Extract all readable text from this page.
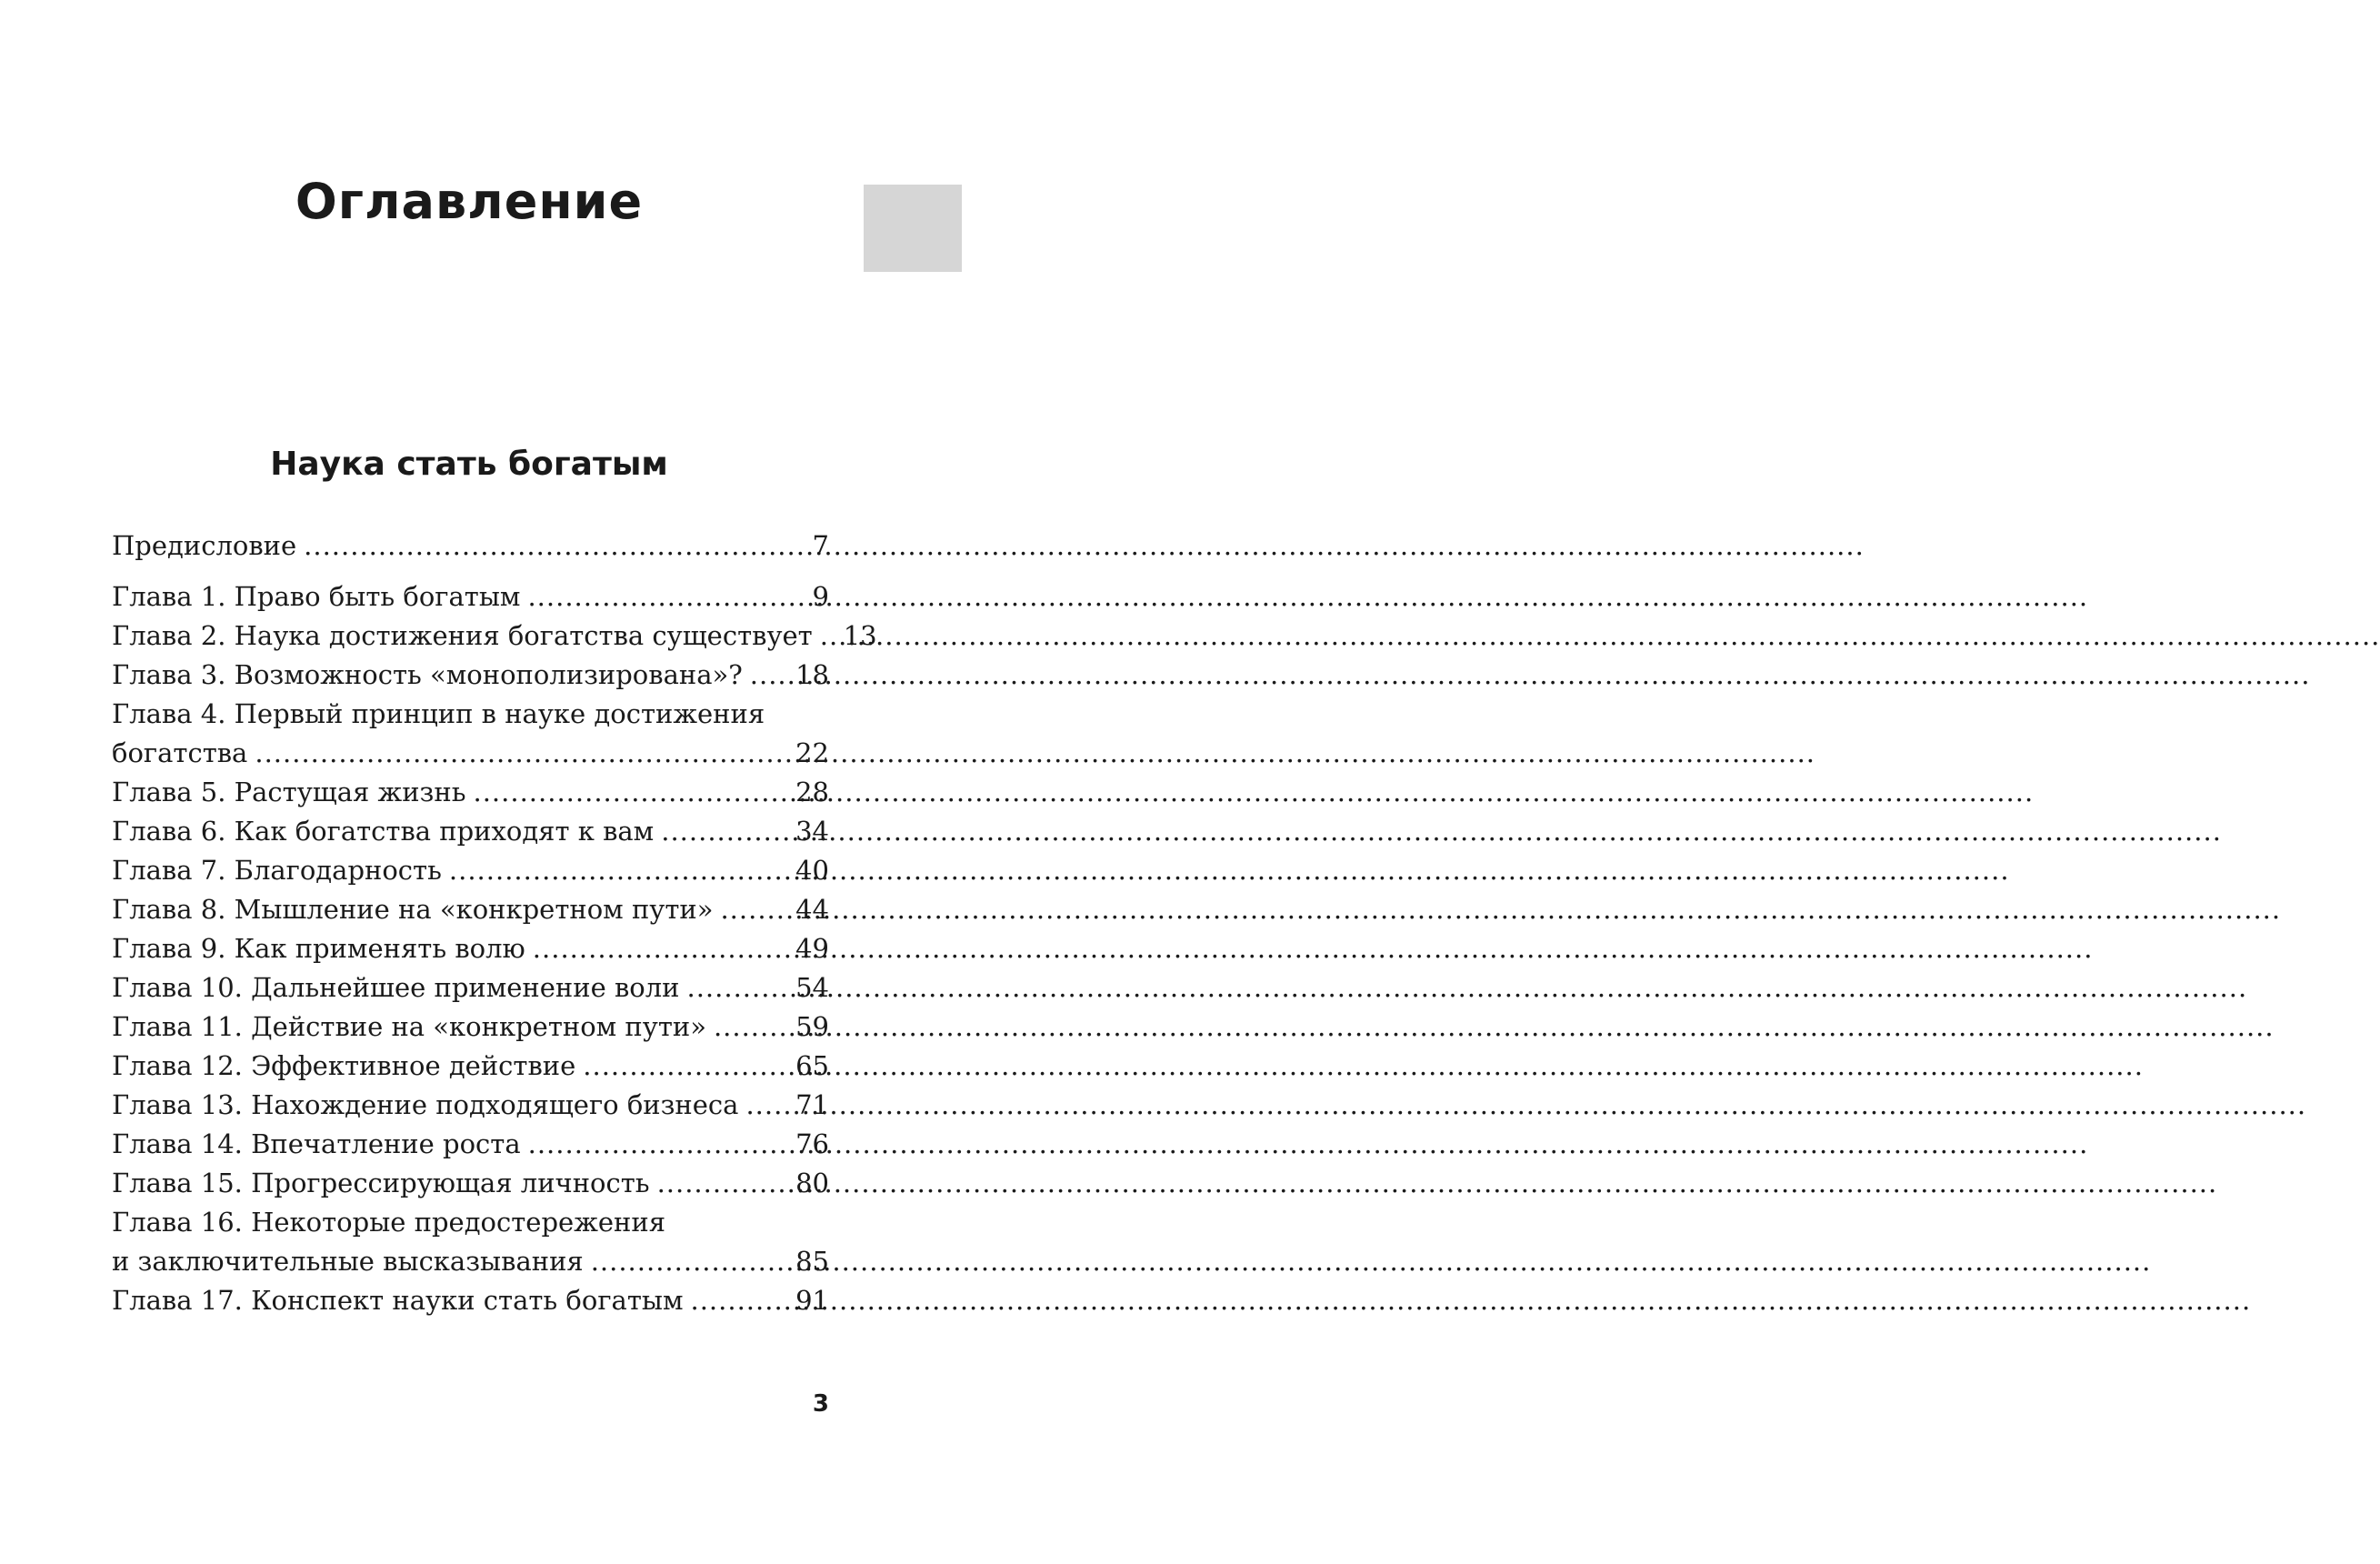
Оглавление
Наука стать богатым
Предисловие .....	7
Глава 1. Право быть богатым .....	9
Глава 2. Наука достижения богатства существует ..... 13
Глава 3. Возможность «монополизирована»? ..... 18
Глава 4. Первый принцип в науке достижения
богатства .....	22
Глава 5. Растущая жизнь .....	28
Глава 6. Как богатства приходят к вам .....	34
Глава 7. Благодарность .....	40
Глава 8. Мышление на «конкретном пути» .....	44
Глава 9. Как применять волю .....	49
Глава 10. Дальнейшее применение воли .....	54
Глава 11. Действие на «конкретном пути» .....	59
Глава 12. Эффективное действие .....	65
Глава 13. Нахождение подходящего бизнеса ..... 71
Глава 14. Впечатление роста .....	76
Глава 15. Прогрессирующая личность .....	80
Глава 16. Некоторые предостережения
и заключительные высказывания .....	85
Глава 17. Конспект науки стать богатым .....	91
3
